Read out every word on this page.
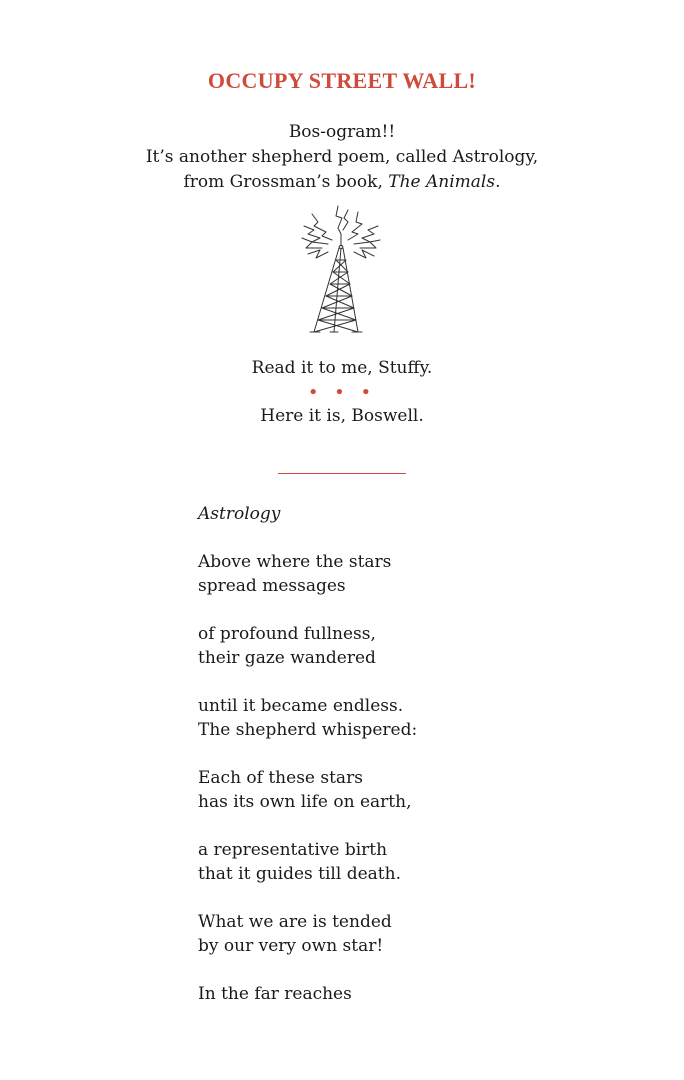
OCCUPY STREET WALL!
Bos-ogram!!
It’s another shepherd poem, called Astrology,
from Grossman’s book, The Animals.
Read it to me, Stuffy.
• • •
Here it is, Boswell.
Astrology
Above where the stars
spread messages
of profound fullness,
their gaze wandered
until it became endless.
The shepherd whispered:
Each of these stars
has its own life on earth,
a representative birth
that it guides till death.
What we are is tended
by our very own star!
In the far reaches
